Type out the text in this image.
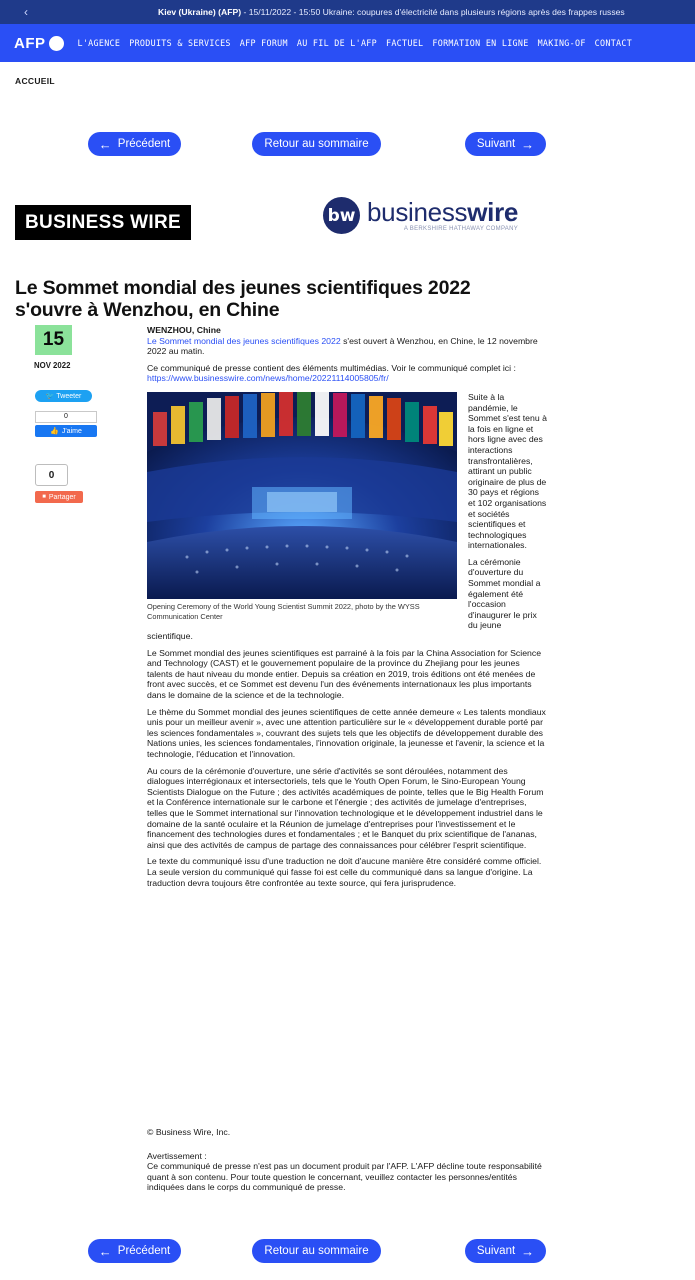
‹	Kiev (Ukraine) (AFP) - 15/11/2022 - 15:50 Ukraine: coupures d'électricité dans plusieurs régions après des frappes russes
AFP	L'AGENCE PRODUITS & SERVICES AFP FORUM AU FIL DE L'AFP FACTUEL FORMATION EN LIGNE MAKING-OF CONTACT
ACCUEIL
← Précédent	Retour au sommaire	Suivant →
BUSINESS WIRE	bw businesswire
A BERKSHIRE HATHAWAY COMPANY
Le Sommet mondial des jeunes scientifiques 2022 s'ouvre à Wenzhou, en Chine
15
NOV 2022
🐦 Tweeter
0
👍 J'aime
0
■ Partager
WENZHOU, Chine

Le Sommet mondial des jeunes scientifiques 2022 s'est ouvert à Wenzhou, en Chine, le 12 novembre 2022 au matin.

Ce communiqué de presse contient des éléments multimédias. Voir le communiqué complet ici : https://www.businesswire.com/news/home/20221114005805/fr/

Opening Ceremony of the World Young Scientist Summit 2022, photo by the WYSS Communication Center

Suite à la pandémie, le Sommet s'est tenu à la fois en ligne et hors ligne avec des interactions transfrontalières, attirant un public originaire de plus de 30 pays et régions et 102 organisations et sociétés scientifiques et technologiques internationales.

La cérémonie d'ouverture du Sommet mondial a également été l'occasion d'inaugurer le prix du jeune scientifique.

Le Sommet mondial des jeunes scientifiques est parrainé à la fois par la China Association for Science and Technology (CAST) et le gouvernement populaire de la province du Zhejiang pour les jeunes talents de haut niveau du monde entier. Depuis sa création en 2019, trois éditions ont été menées de front avec succès, et ce Sommet est devenu l'un des événements internationaux les plus importants dans le domaine de la science et de la technologie.

Le thème du Sommet mondial des jeunes scientifiques de cette année demeure « Les talents mondiaux unis pour un meilleur avenir », avec une attention particulière sur le « développement durable porté par les sciences fondamentales », couvrant des sujets tels que les objectifs de développement durable des Nations unies, les sciences fondamentales, l'innovation originale, la jeunesse et l'avenir, la science et la technologie, l'éducation et l'innovation.

Au cours de la cérémonie d'ouverture, une série d'activités se sont déroulées, notamment des dialogues interrégionaux et intersectoriels, tels que le Youth Open Forum, le Sino-European Young Scientists Dialogue on the Future ; des activités académiques de pointe, telles que le Big Health Forum et la Conférence internationale sur le carbone et l'énergie ; des activités de jumelage d'entreprises, telles que le Sommet international sur l'innovation technologique et le développement industriel dans le domaine de la santé oculaire et la Réunion de jumelage d'entreprises pour l'investissement et le financement des technologies dures et fondamentales ; et le Banquet du prix scientifique de l'ananas, ainsi que des activités de campus de partage des connaissances pour célébrer l'esprit scientifique.

Le texte du communiqué issu d'une traduction ne doit d'aucune manière être considéré comme officiel. La seule version du communiqué qui fasse foi est celle du communiqué dans sa langue d'origine. La traduction devra toujours être confrontée au texte source, qui fera jurisprudence.

© Business Wire, Inc.

Avertissement :
Ce communiqué de presse n'est pas un document produit par l'AFP. L'AFP décline toute responsabilité quant à son contenu. Pour toute question le concernant, veuillez contacter les personnes/entités indiquées dans le corps du communiqué de presse.
← Précédent	Retour au sommaire	Suivant →
